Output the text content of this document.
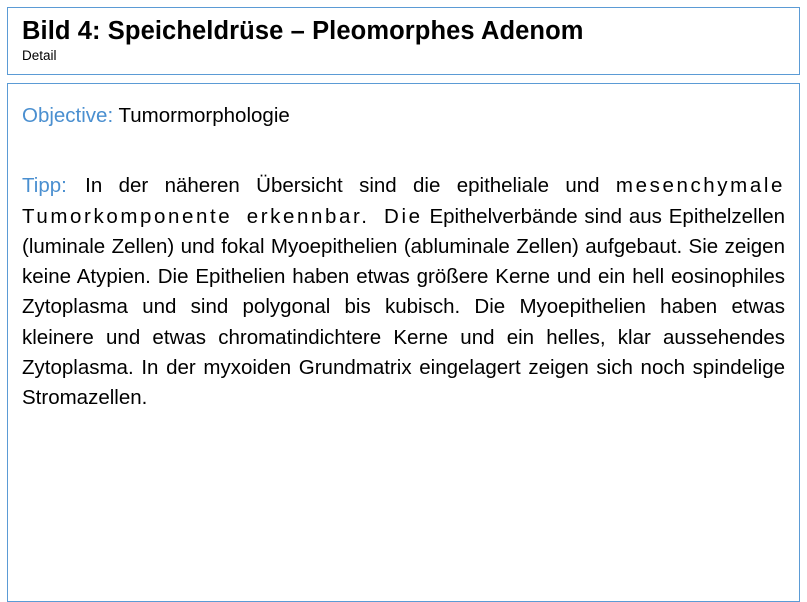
Bild 4: Speicheldrüse – Pleomorphes Adenom
Detail

Objective: Tumormorphologie

Tipp: In der näheren Übersicht sind die epitheliale und mesenchymale Tumorkomponente erkennbar. Die Epithelverbände sind aus Epithelzellen (luminale Zellen) und fokal Myoepithelien (abluminale Zellen) aufgebaut. Sie zeigen keine Atypien. Die Epithelien haben etwas größere Kerne und ein hell eosinophiles Zytoplasma und sind polygonal bis kubisch. Die Myoepithelien haben etwas kleinere und etwas chromatindichtere Kerne und ein helles, klar aussehendes Zytoplasma. In der myxoiden Grundmatrix eingelagert zeigen sich noch spindelige Stromazellen.
